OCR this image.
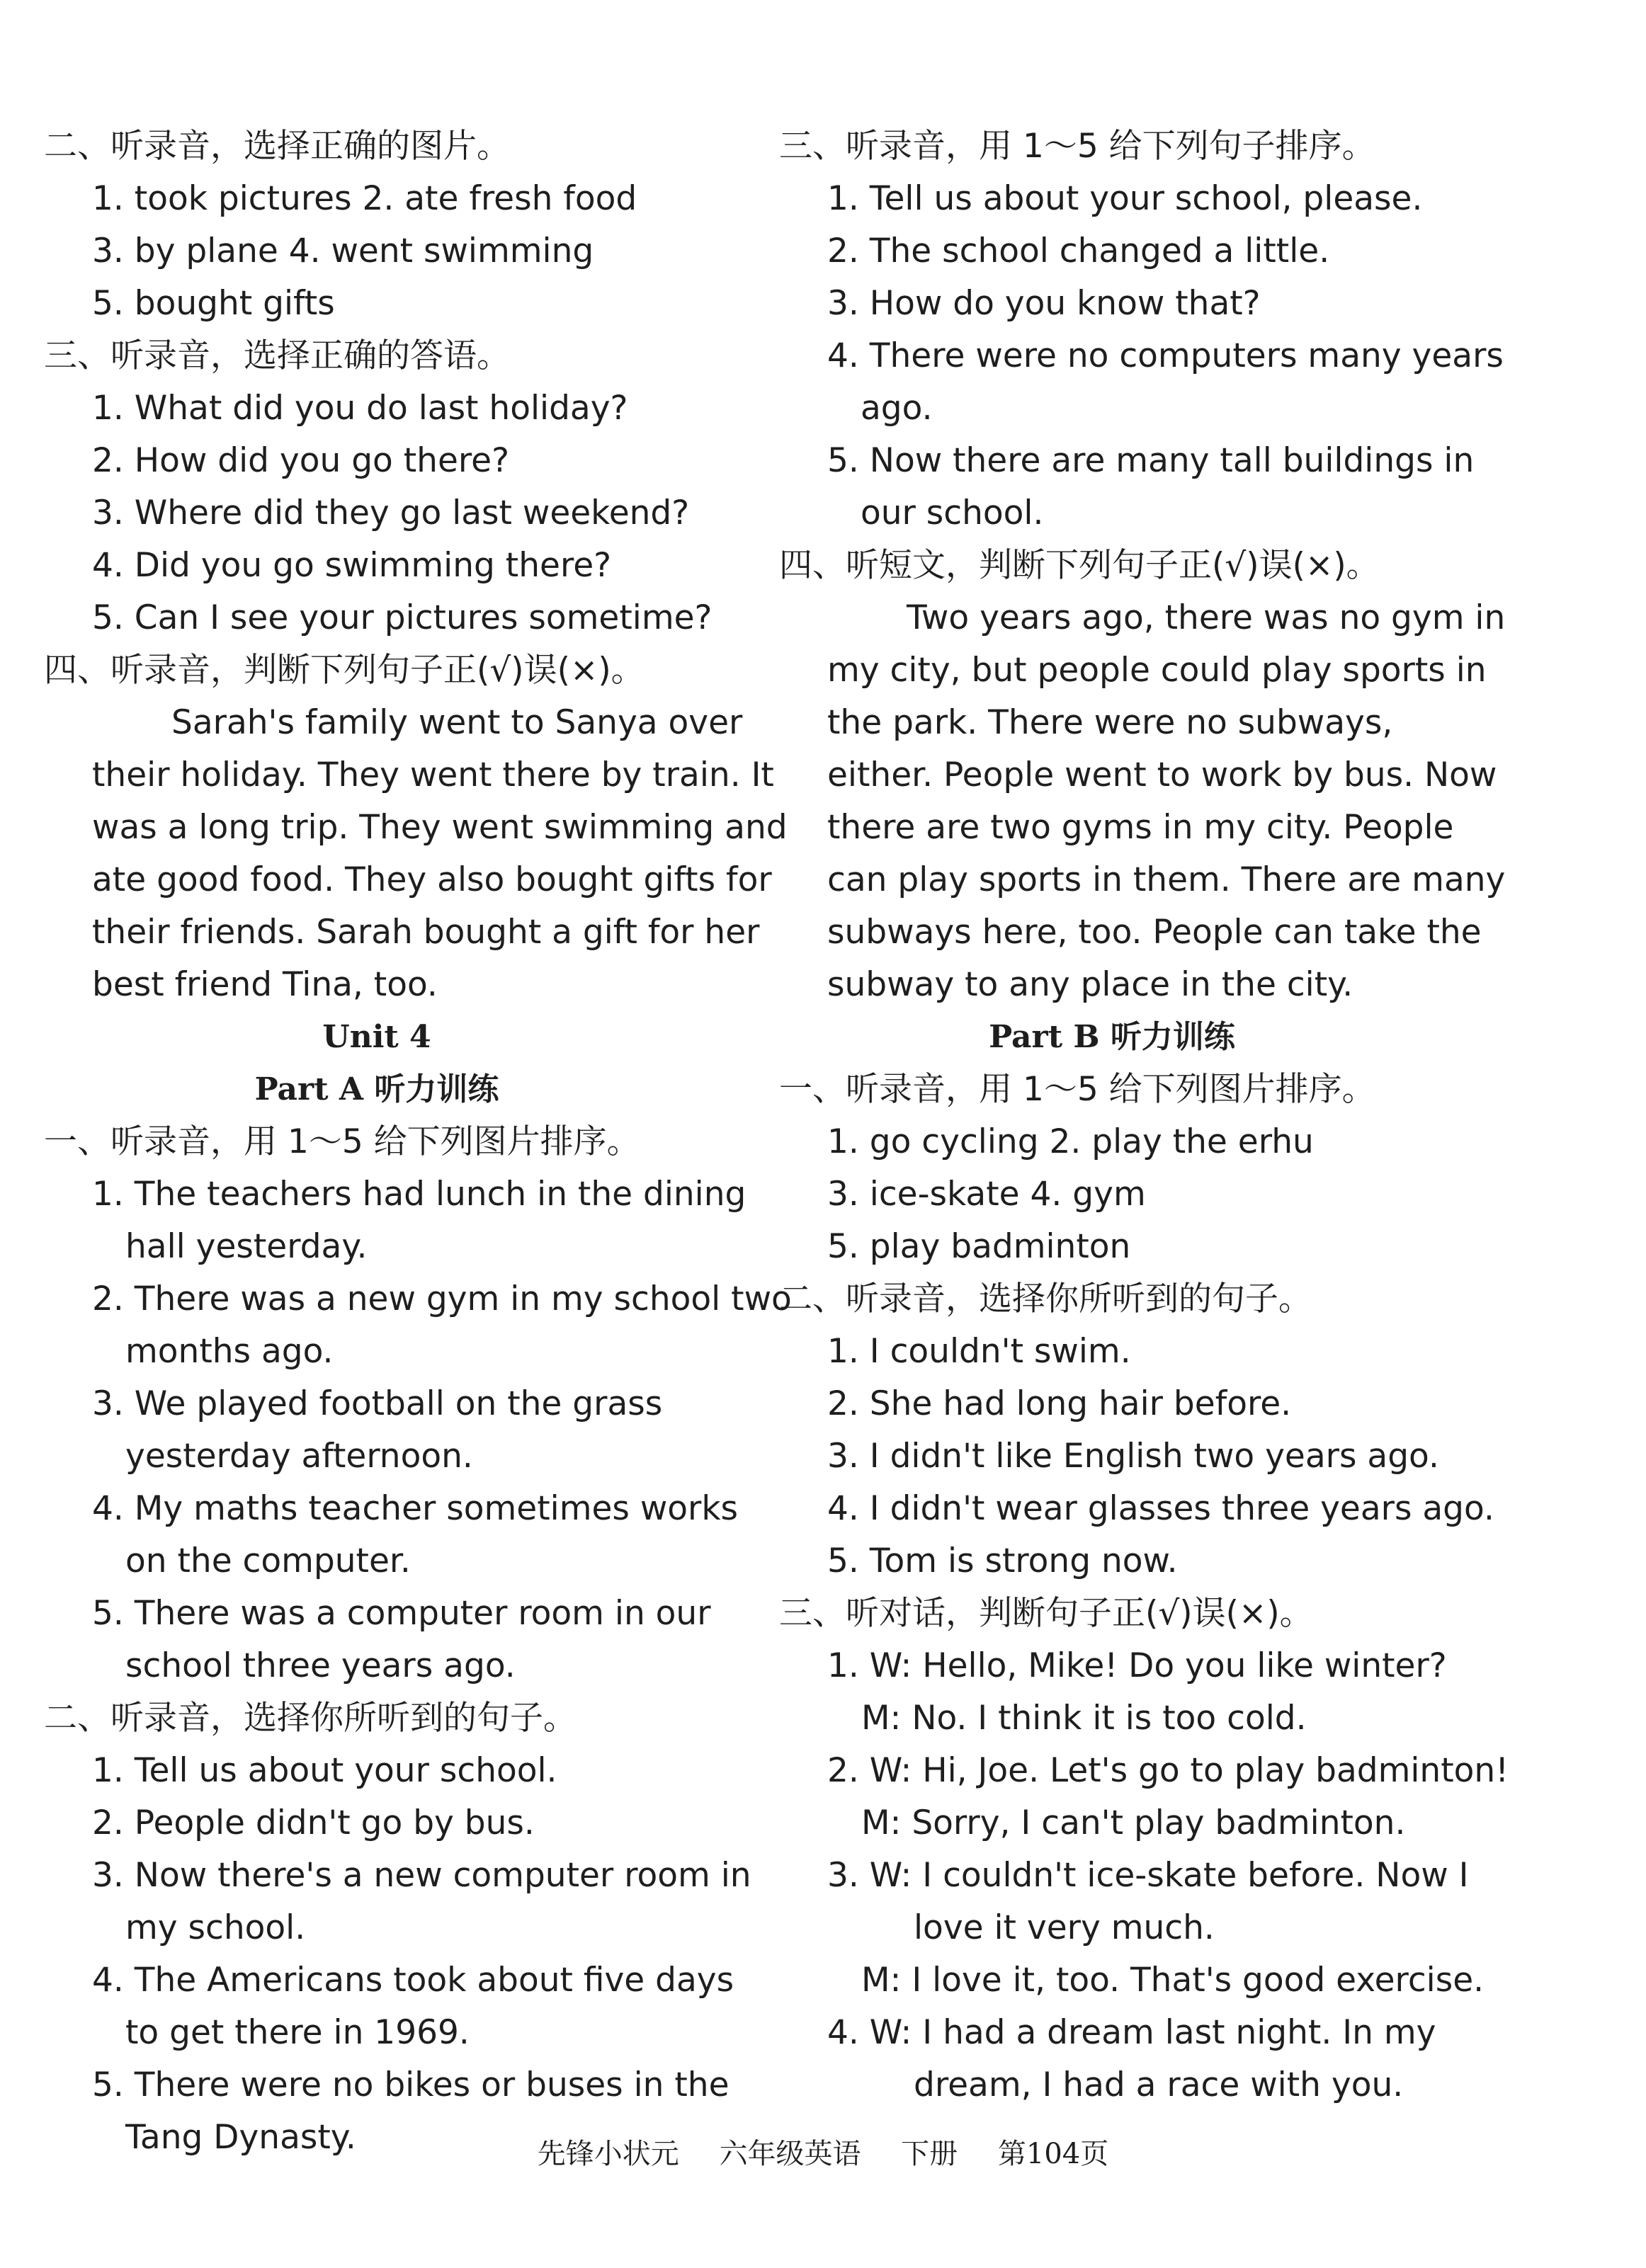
二、听录音，选择正确的图片。
1. took pictures 2. ate fresh food
3. by plane 4. went swimming
5. bought gifts
三、听录音，选择正确的答语。
1. What did you do last holiday?
2. How did you go there?
3. Where did they go last weekend?
4. Did you go swimming there?
5. Can I see your pictures sometime?
四、听录音，判断下列句子正(√)误(×)。
Sarah's family went to Sanya over
their holiday. They went there by train. It
was a long trip. They went swimming and
ate good food. They also bought gifts for
their friends. Sarah bought a gift for her
best friend Tina, too.
Unit 4
Part A 听力训练
一、听录音，用 1～5 给下列图片排序。
1. The teachers had lunch in the dining
hall yesterday.
2. There was a new gym in my school two
months ago.
3. We played football on the grass
yesterday afternoon.
4. My maths teacher sometimes works
on the computer.
5. There was a computer room in our
school three years ago.
二、听录音，选择你所听到的句子。
1. Tell us about your school.
2. People didn't go by bus.
3. Now there's a new computer room in
my school.
4. The Americans took about five days
to get there in 1969.
5. There were no bikes or buses in the
Tang Dynasty.
三、听录音，用 1～5 给下列句子排序。
1. Tell us about your school, please.
2. The school changed a little.
3. How do you know that?
4. There were no computers many years
ago.
5. Now there are many tall buildings in
our school.
四、听短文，判断下列句子正(√)误(×)。
Two years ago, there was no gym in
my city, but people could play sports in
the park. There were no subways,
either. People went to work by bus. Now
there are two gyms in my city. People
can play sports in them. There are many
subways here, too. People can take the
subway to any place in the city.
Part B 听力训练
一、听录音，用 1～5 给下列图片排序。
1. go cycling 2. play the erhu
3. ice-skate 4. gym
5. play badminton
二、听录音，选择你所听到的句子。
1. I couldn't swim.
2. She had long hair before.
3. I didn't like English two years ago.
4. I didn't wear glasses three years ago.
5. Tom is strong now.
三、听对话，判断句子正(√)误(×)。
1. W: Hello, Mike! Do you like winter?
M: No. I think it is too cold.
2. W: Hi, Joe. Let's go to play badminton!
M: Sorry, I can't play badminton.
3. W: I couldn't ice-skate before. Now I
love it very much.
M: I love it, too. That's good exercise.
4. W: I had a dream last night. In my
dream, I had a race with you.
先锋小状元 六年级英语 下册 第104页
